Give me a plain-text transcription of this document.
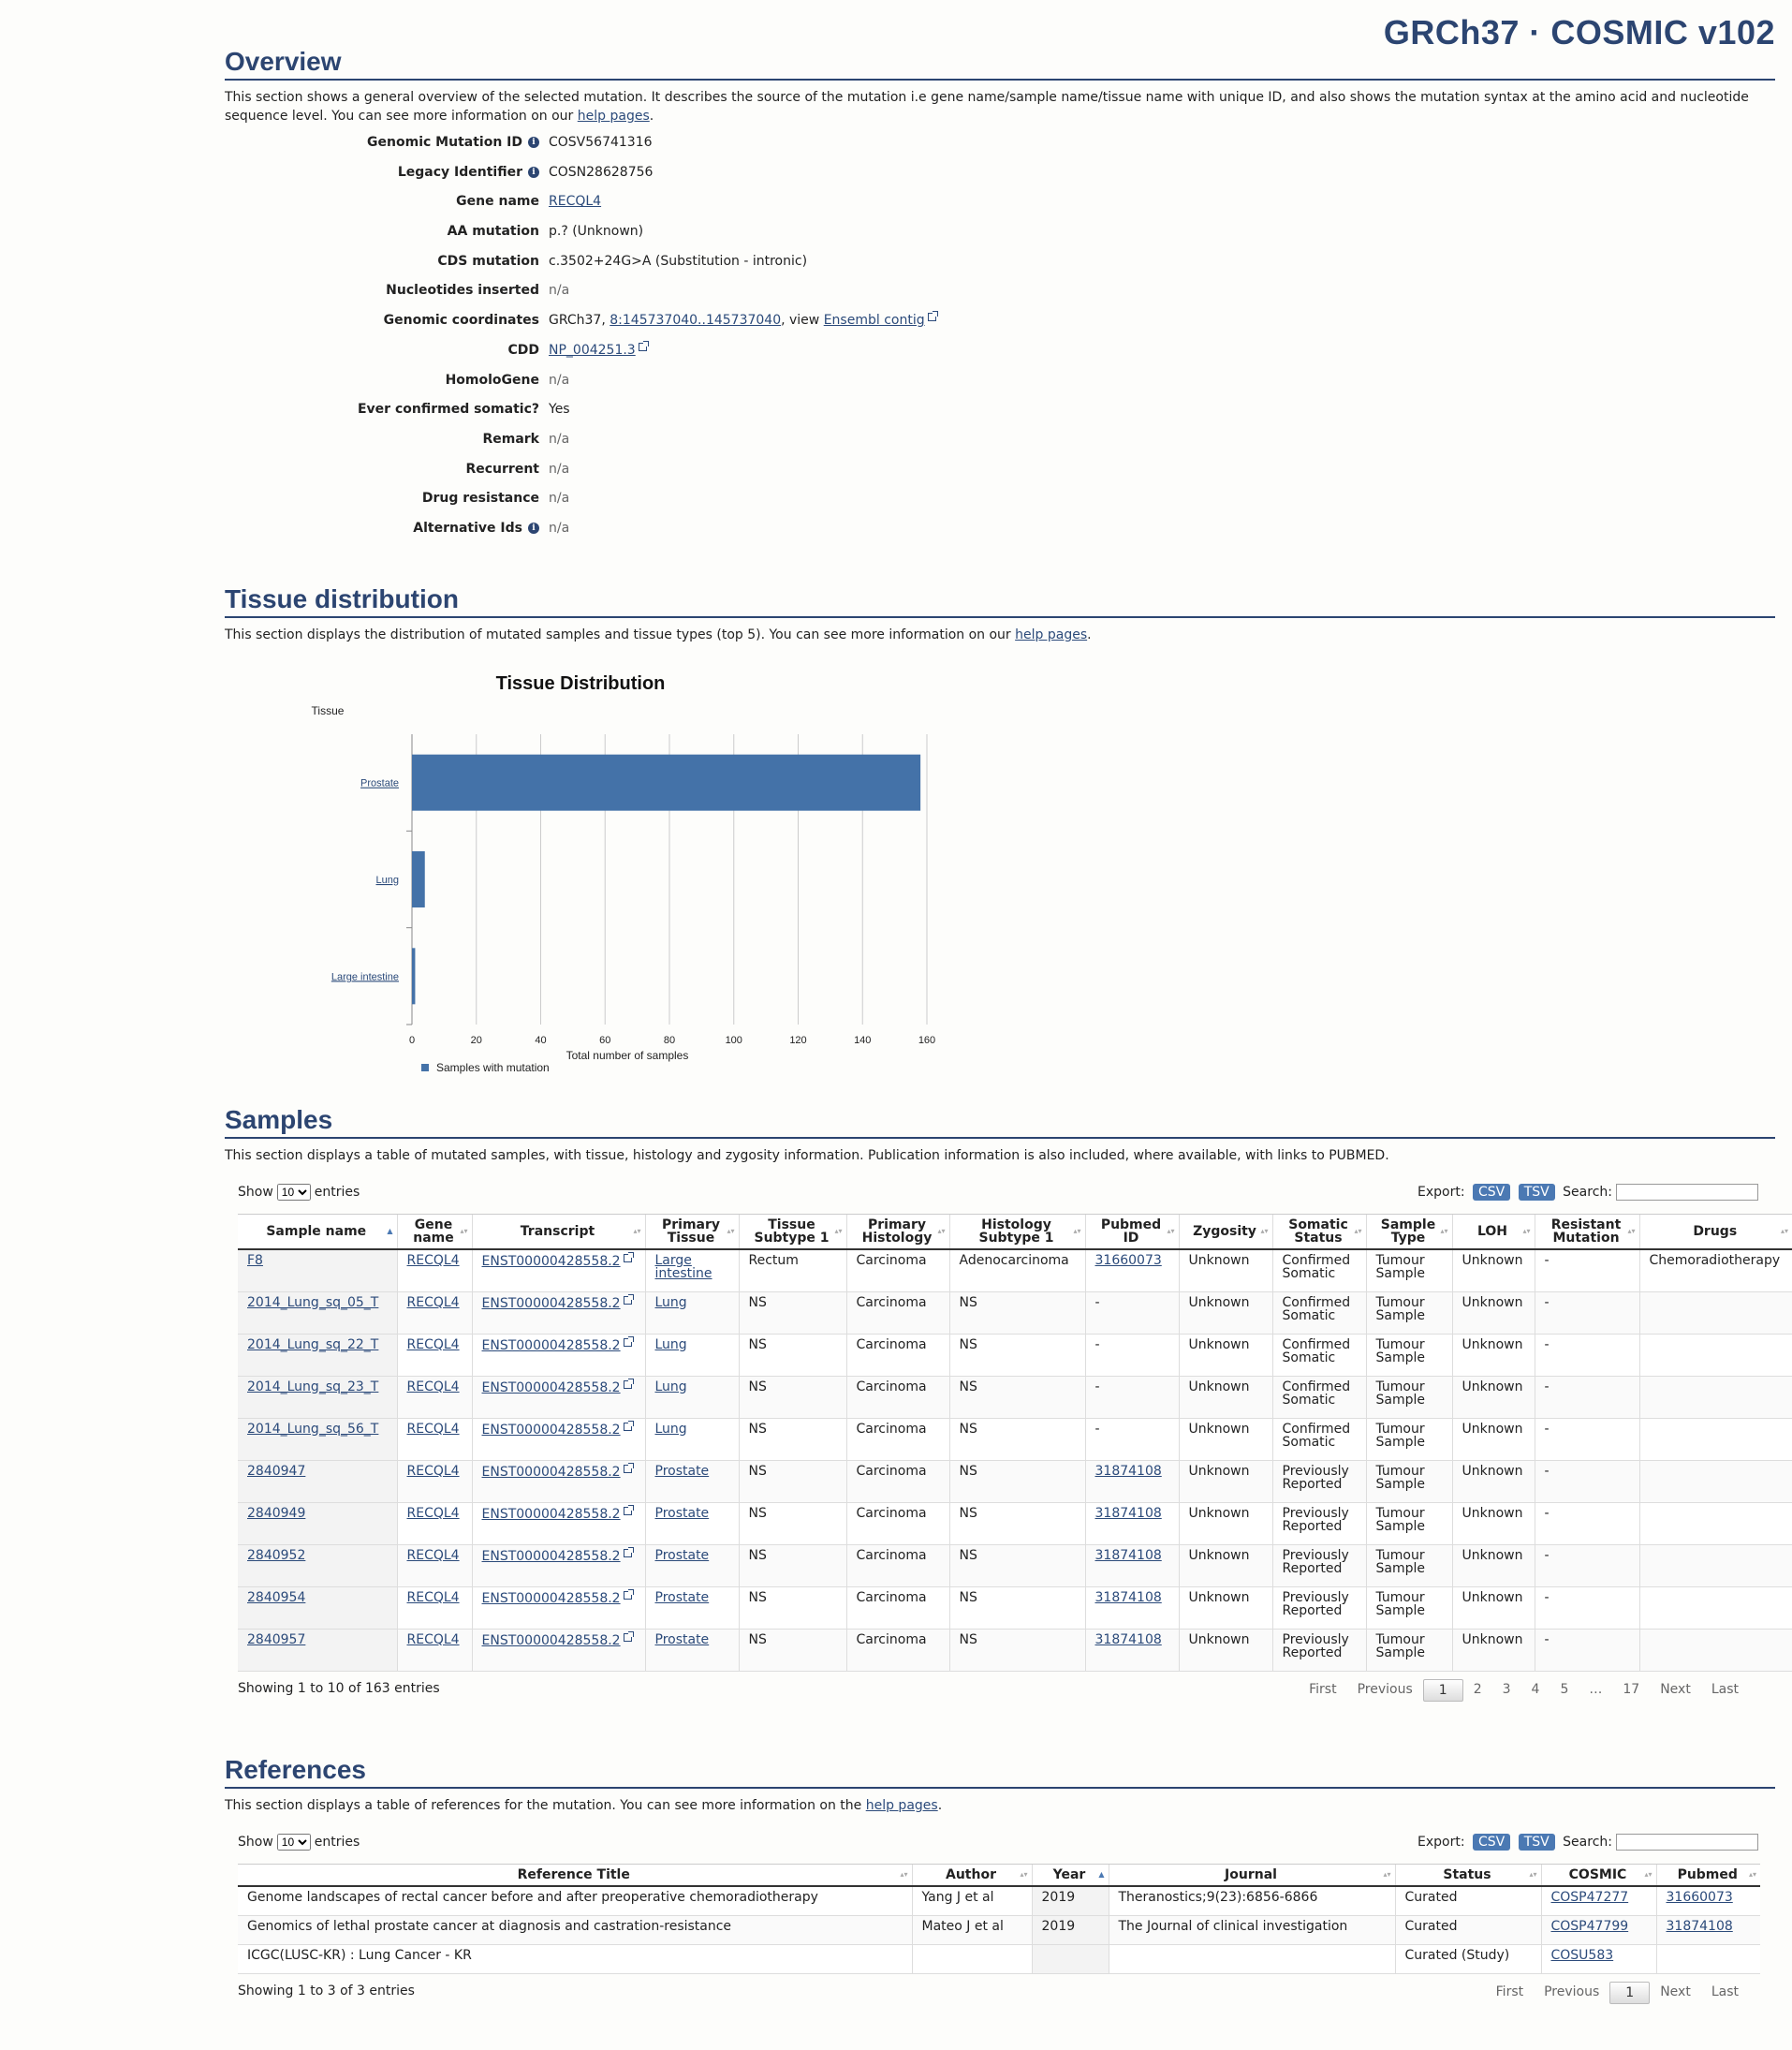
GRCh37 · COSMIC v102
Overview

This section shows a general overview of the selected mutation. It describes the source of the mutation i.e gene name/sample name/tissue name with unique ID, and also shows the mutation syntax at the amino acid and nucleotide sequence level. You can see more information on our help pages.

Genomic Mutation ID i	COSV56741316
Legacy Identifier i	COSN28628756
Gene name RECQL4
AA mutation p.? (Unknown)
CDS mutation c.3502+24G>A (Substitution - intronic)
Nucleotides inserted n/a
Genomic coordinates GRCh37, 8:145737040..145737040, view Ensembl contig
CDD NP_004251.3
HomoloGene n/a
Ever confirmed somatic? Yes
Remark n/a
Recurrent n/a
Drug resistance n/a
Alternative Ids i	n/a
Tissue distribution

This section displays the distribution of mutated samples and tissue types (top 5). You can see more information on our help pages.

Tissue Distribution
Tissue
0	20	40	60	80	100	120	140	160
Total number of samples
Prostate
Lung
Large intestine
Samples with mutation
Samples

This section displays a table of mutated samples, with tissue, histology and zygosity information. Publication information is also included, where available, with links to PUBMED.

Show
10	entries	Export: CSV TSV Search:
Sample name ▲	Gene name ▴▾	Transcript ▴▾	Primary Tissue ▴▾	Tissue Subtype 1 ▴▾	Primary Histology ▴▾	Histology Subtype 1 ▴▾	Pubmed ID ▴▾	Zygosity ▴▾	Somatic Status ▴▾	Sample Type ▴▾	LOH ▴▾	Resistant Mutation ▴▾	Drugs ▴▾

F8	RECQL4	ENST00000428558.2	Large intestine	Rectum	Carcinoma	Adenocarcinoma	31660073	Unknown	Confirmed Somatic	Tumour Sample	Unknown	-	Chemoradiotherapy
2014_Lung_sq_05_T	RECQL4	ENST00000428558.2	Lung	NS	Carcinoma	NS	-	Unknown	Confirmed Somatic	Tumour Sample	Unknown	-	
2014_Lung_sq_22_T	RECQL4	ENST00000428558.2	Lung	NS	Carcinoma	NS	-	Unknown	Confirmed Somatic	Tumour Sample	Unknown	-	
2014_Lung_sq_23_T	RECQL4	ENST00000428558.2	Lung	NS	Carcinoma	NS	-	Unknown	Confirmed Somatic	Tumour Sample	Unknown	-	
2014_Lung_sq_56_T	RECQL4	ENST00000428558.2	Lung	NS	Carcinoma	NS	-	Unknown	Confirmed Somatic	Tumour Sample	Unknown	-	
2840947	RECQL4	ENST00000428558.2	Prostate	NS	Carcinoma	NS	31874108	Unknown	Previously Reported	Tumour Sample	Unknown	-	
2840949	RECQL4	ENST00000428558.2	Prostate	NS	Carcinoma	NS	31874108	Unknown	Previously Reported	Tumour Sample	Unknown	-	
2840952	RECQL4	ENST00000428558.2	Prostate	NS	Carcinoma	NS	31874108	Unknown	Previously Reported	Tumour Sample	Unknown	-	
2840954	RECQL4	ENST00000428558.2	Prostate	NS	Carcinoma	NS	31874108	Unknown	Previously Reported	Tumour Sample	Unknown	-	
2840957	RECQL4	ENST00000428558.2	Prostate	NS	Carcinoma	NS	31874108	Unknown	Previously Reported	Tumour Sample	Unknown	-	
Showing 1 to 10 of 163 entries	First	Previous	1	2	3	4	5	…	17	Next	Last
References

This section displays a table of references for the mutation. You can see more information on the help pages.

Show
10	entries	Export: CSV TSV Search:
Reference Title ▴▾	Author ▴▾	Year ▲	Journal ▴▾	Status ▴▾	COSMIC ▴▾	Pubmed ▴▾

Genome landscapes of rectal cancer before and after preoperative chemoradiotherapy	Yang J et al	2019	Theranostics;9(23):6856-6866	Curated	COSP47277	31660073
Genomics of lethal prostate cancer at diagnosis and castration-resistance	Mateo J et al	2019	The Journal of clinical investigation	Curated	COSP47799	31874108
ICGC(LUSC-KR) : Lung Cancer - KR				Curated (Study)	COSU583	
Showing 1 to 3 of 3 entries	First	Previous	1	Next	Last
